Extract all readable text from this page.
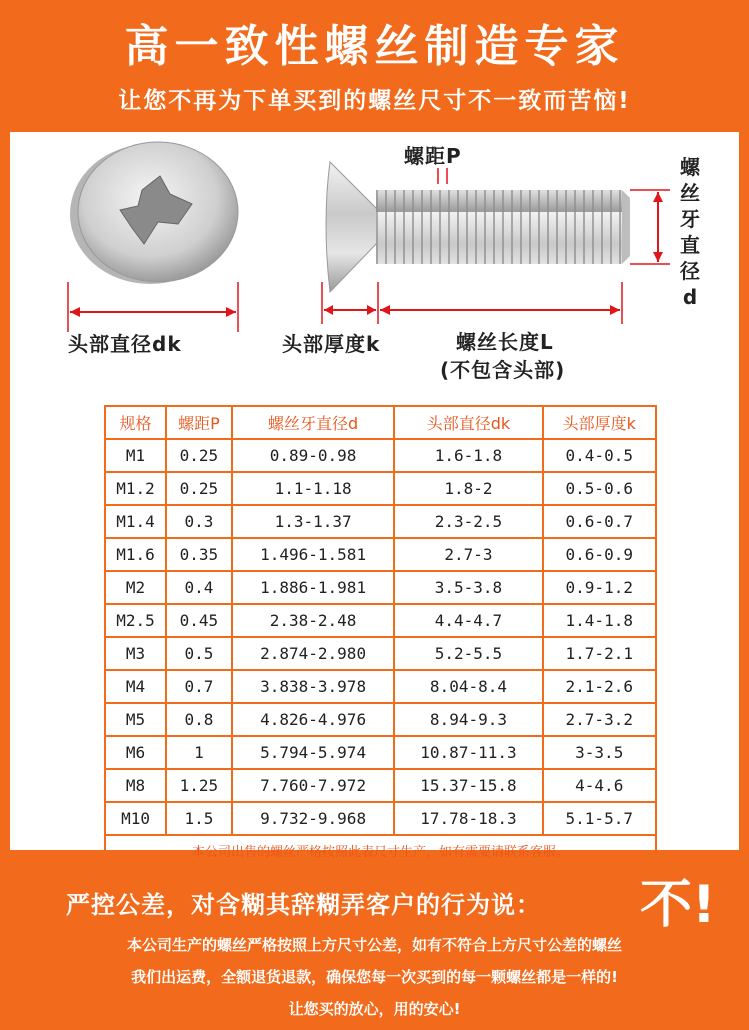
高一致性螺丝制造专家
让您不再为下单买到的螺丝尺寸不一致而苦恼!
螺距P	螺丝牙直径d
头部直径dk	头部厚度k	螺丝长度L
(不包含头部)
规格	螺距P	螺丝牙直径d	头部直径dk	头部厚度k
M1	0.25	0.89-0.98	1.6-1.8	0.4-0.5
M1.2	0.25	1.1-1.18	1.8-2	0.5-0.6
M1.4	0.3	1.3-1.37	2.3-2.5	0.6-0.7
M1.6	0.35	1.496-1.581	2.7-3	0.6-0.9
M2	0.4	1.886-1.981	3.5-3.8	0.9-1.2
M2.5	0.45	2.38-2.48	4.4-4.7	1.4-1.8
M3	0.5	2.874-2.980	5.2-5.5	1.7-2.1
M4	0.7	3.838-3.978	8.04-8.4	2.1-2.6
M5	0.8	4.826-4.976	8.94-9.3	2.7-3.2
M6	1	5.794-5.974	10.87-11.3	3-3.5
M8	1.25	7.760-7.972	15.37-15.8	4-4.6
M10	1.5	9.732-9.968	17.78-18.3	5.1-5.7
本公司出售的螺丝严格按照此表尺寸生产，如有需要请联系客服。				
严控公差，对含糊其辞糊弄客户的行为说： 不!
本公司生产的螺丝严格按照上方尺寸公差，如有不符合上方尺寸公差的螺丝
我们出运费，全额退货退款，确保您每一次买到的每一颗螺丝都是一样的!
让您买的放心，用的安心!
